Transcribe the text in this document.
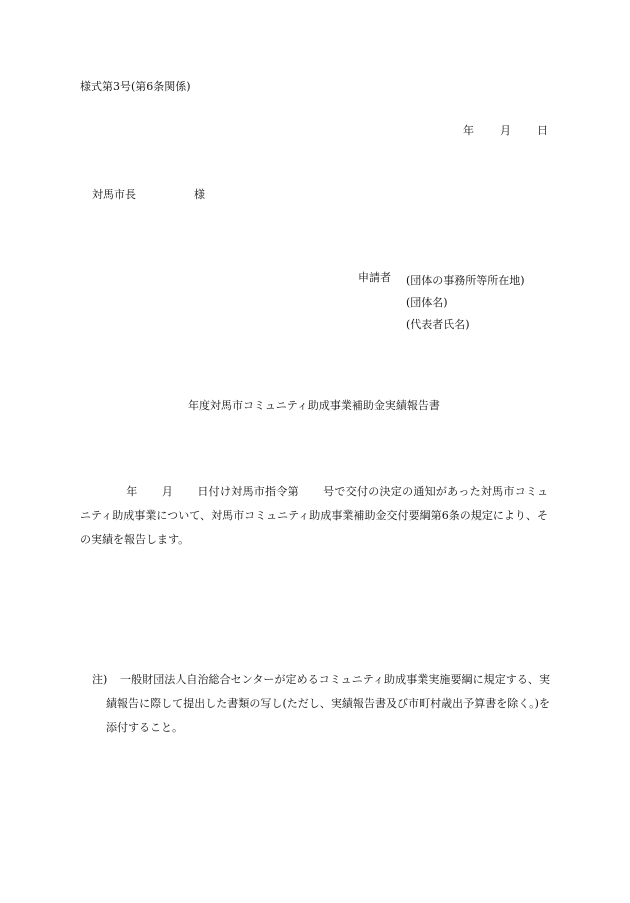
様式第3号(第6条関係)
年 月 日
対馬市長	様
申請者 (団体の事務所等所在地)
(団体名)
(代表者氏名)
年度対馬市コミュニティ助成事業補助金実績報告書
年 月 日付け対馬市指令第 号で交付の決定の通知があった対馬市コミュニティ助成事業について、対馬市コミュニティ助成事業補助金交付要綱第6条の規定により、その実績を報告します。
注)	一般財団法人自治総合センターが定めるコミュニティ助成事業実施要綱に規定する、実績報告に際して提出した書類の写し(ただし、実績報告書及び市町村歳出予算書を除く。)を添付すること。
